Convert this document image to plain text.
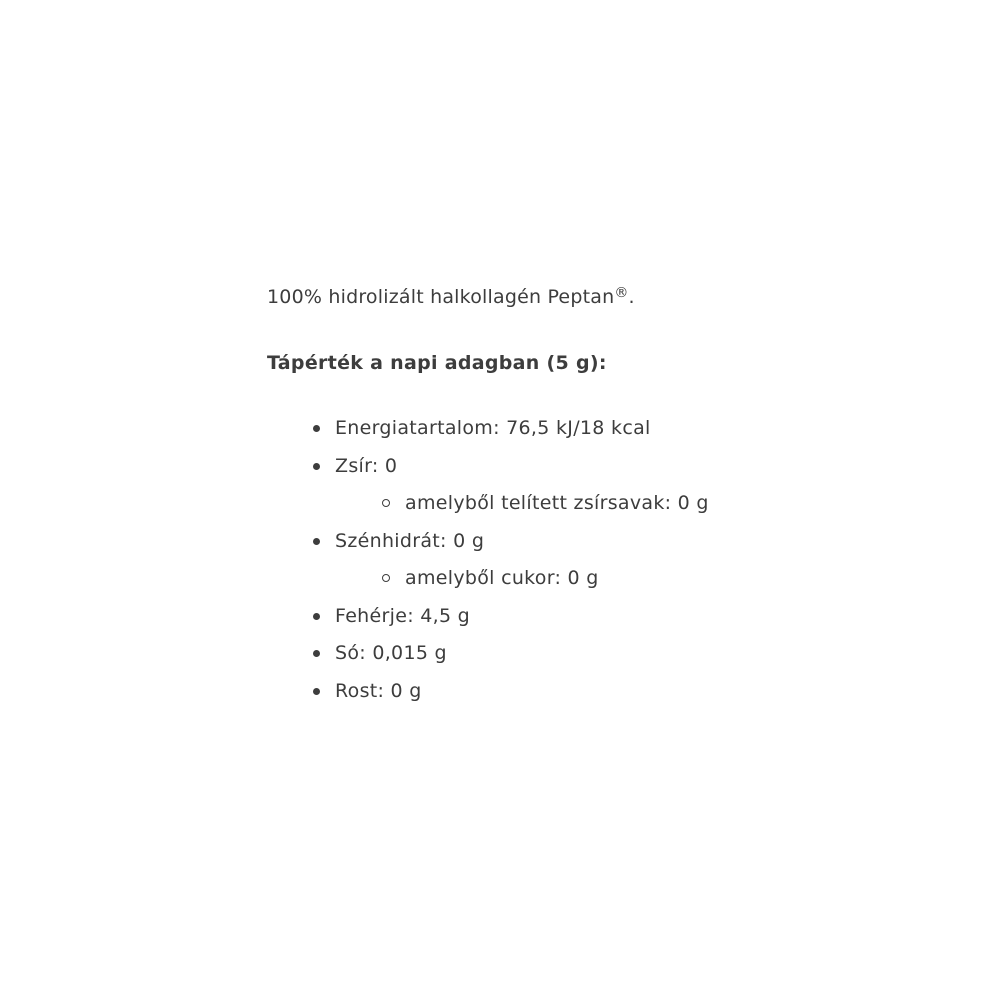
100% hidrolizált halkollagén Peptan®.

Tápérték a napi adagban (5 g):

Energiatartalom: 76,5 kJ/18 kcal
Zsír: 0
amelyből telített zsírsavak: 0 g
Szénhidrát: 0 g
amelyből cukor: 0 g
Fehérje: 4,5 g
Só: 0,015 g
Rost: 0 g
